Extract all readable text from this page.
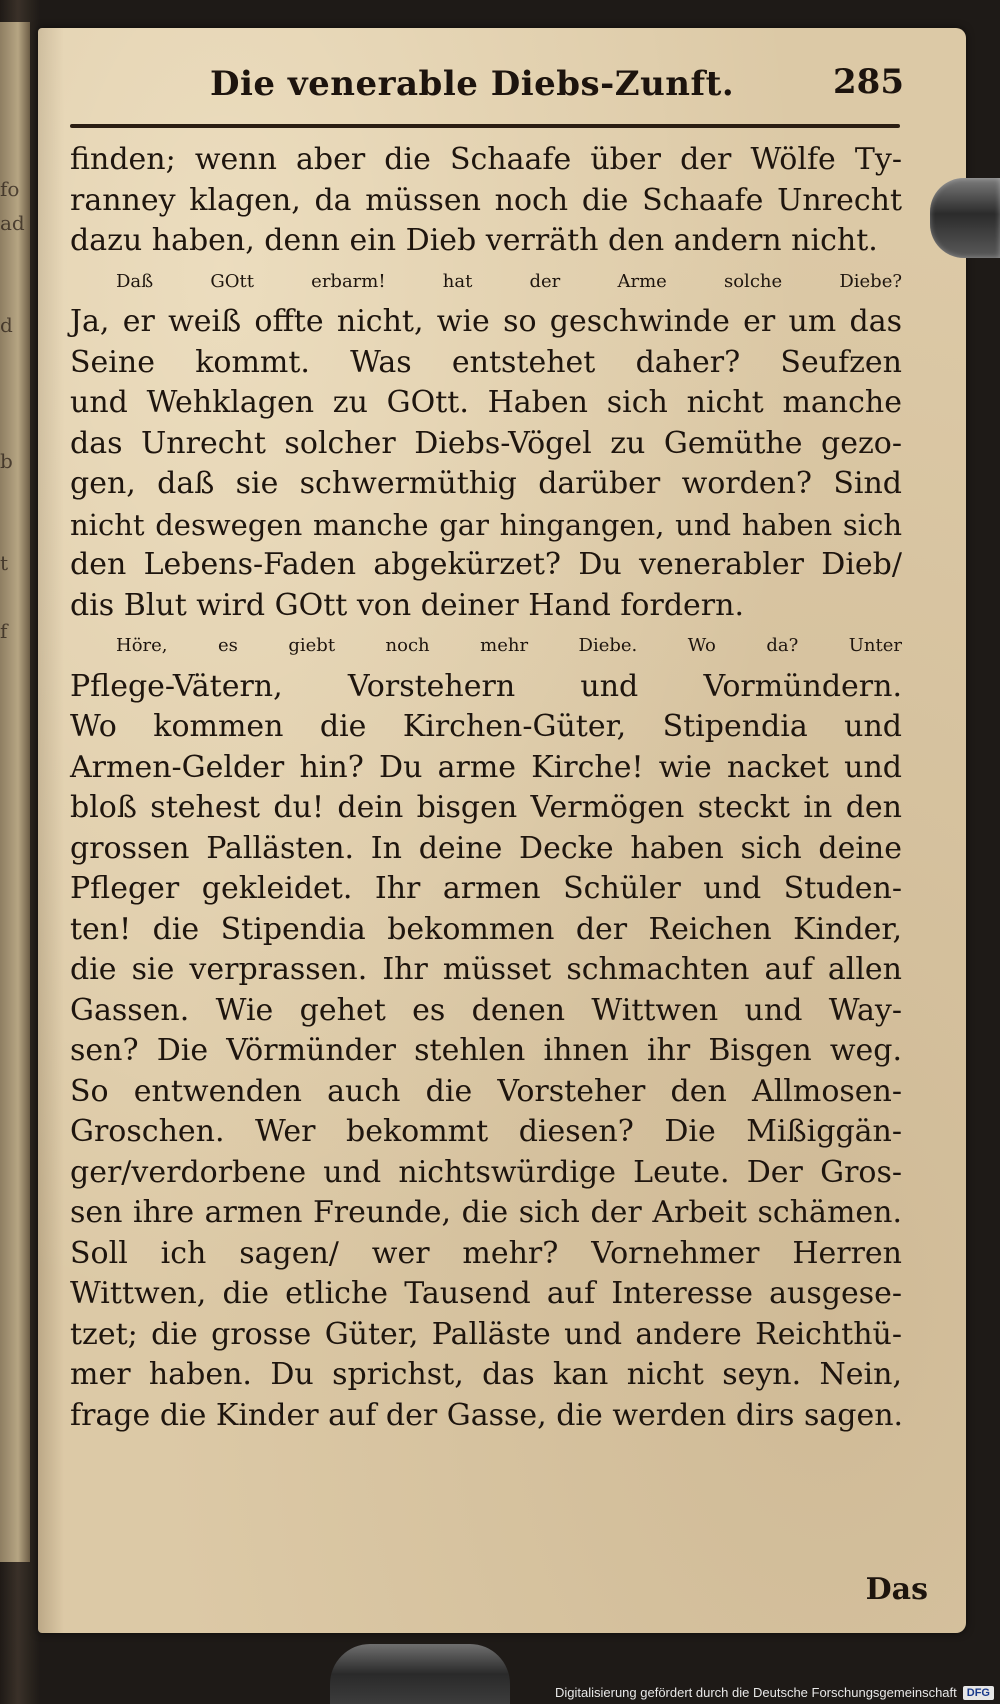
fo
ad

d

b

t

f

Die venerable Diebs-Zunft.	285
finden; wenn aber die Schaafe über der Wölfe Ty-
ranney klagen, da müssen noch die Schaafe Unrecht
dazu haben, denn ein Dieb verräth den andern nicht.
Daß GOtt erbarm! hat der Arme solche Diebe?
Ja, er weiß offte nicht, wie so geschwinde er um das
Seine kommt. Was entstehet daher? Seufzen
und Wehklagen zu GOtt. Haben sich nicht manche
das Unrecht solcher Diebs-Vögel zu Gemüthe gezo-
gen, daß sie schwermüthig darüber worden? Sind
nicht deswegen manche gar hingangen, und haben sich
den Lebens-Faden abgekürzet? Du venerabler Dieb/
dis Blut wird GOtt von deiner Hand fordern.
Höre, es giebt noch mehr Diebe. Wo da? Unter
Pflege-Vätern, Vorstehern und Vormündern.
Wo kommen die Kirchen-Güter, Stipendia und
Armen-Gelder hin? Du arme Kirche! wie nacket und
bloß stehest du! dein bisgen Vermögen steckt in den
grossen Pallästen. In deine Decke haben sich deine
Pfleger gekleidet. Ihr armen Schüler und Studen-
ten! die Stipendia bekommen der Reichen Kinder,
die sie verprassen. Ihr müsset schmachten auf allen
Gassen. Wie gehet es denen Wittwen und Way-
sen? Die Vörmünder stehlen ihnen ihr Bisgen weg.
So entwenden auch die Vorsteher den Allmosen-
Groschen. Wer bekommt diesen? Die Mißiggän-
ger/verdorbene und nichtswürdige Leute. Der Gros-
sen ihre armen Freunde, die sich der Arbeit schämen.
Soll ich sagen/ wer mehr? Vornehmer Herren
Wittwen, die etliche Tausend auf Interesse ausgese-
tzet; die grosse Güter, Palläste und andere Reichthü-
mer haben. Du sprichst, das kan nicht seyn. Nein,
frage die Kinder auf der Gasse, die werden dirs sagen.
Das
Digitalisierung gefördert durch die Deutsche Forschungsgemeinschaft DFG
